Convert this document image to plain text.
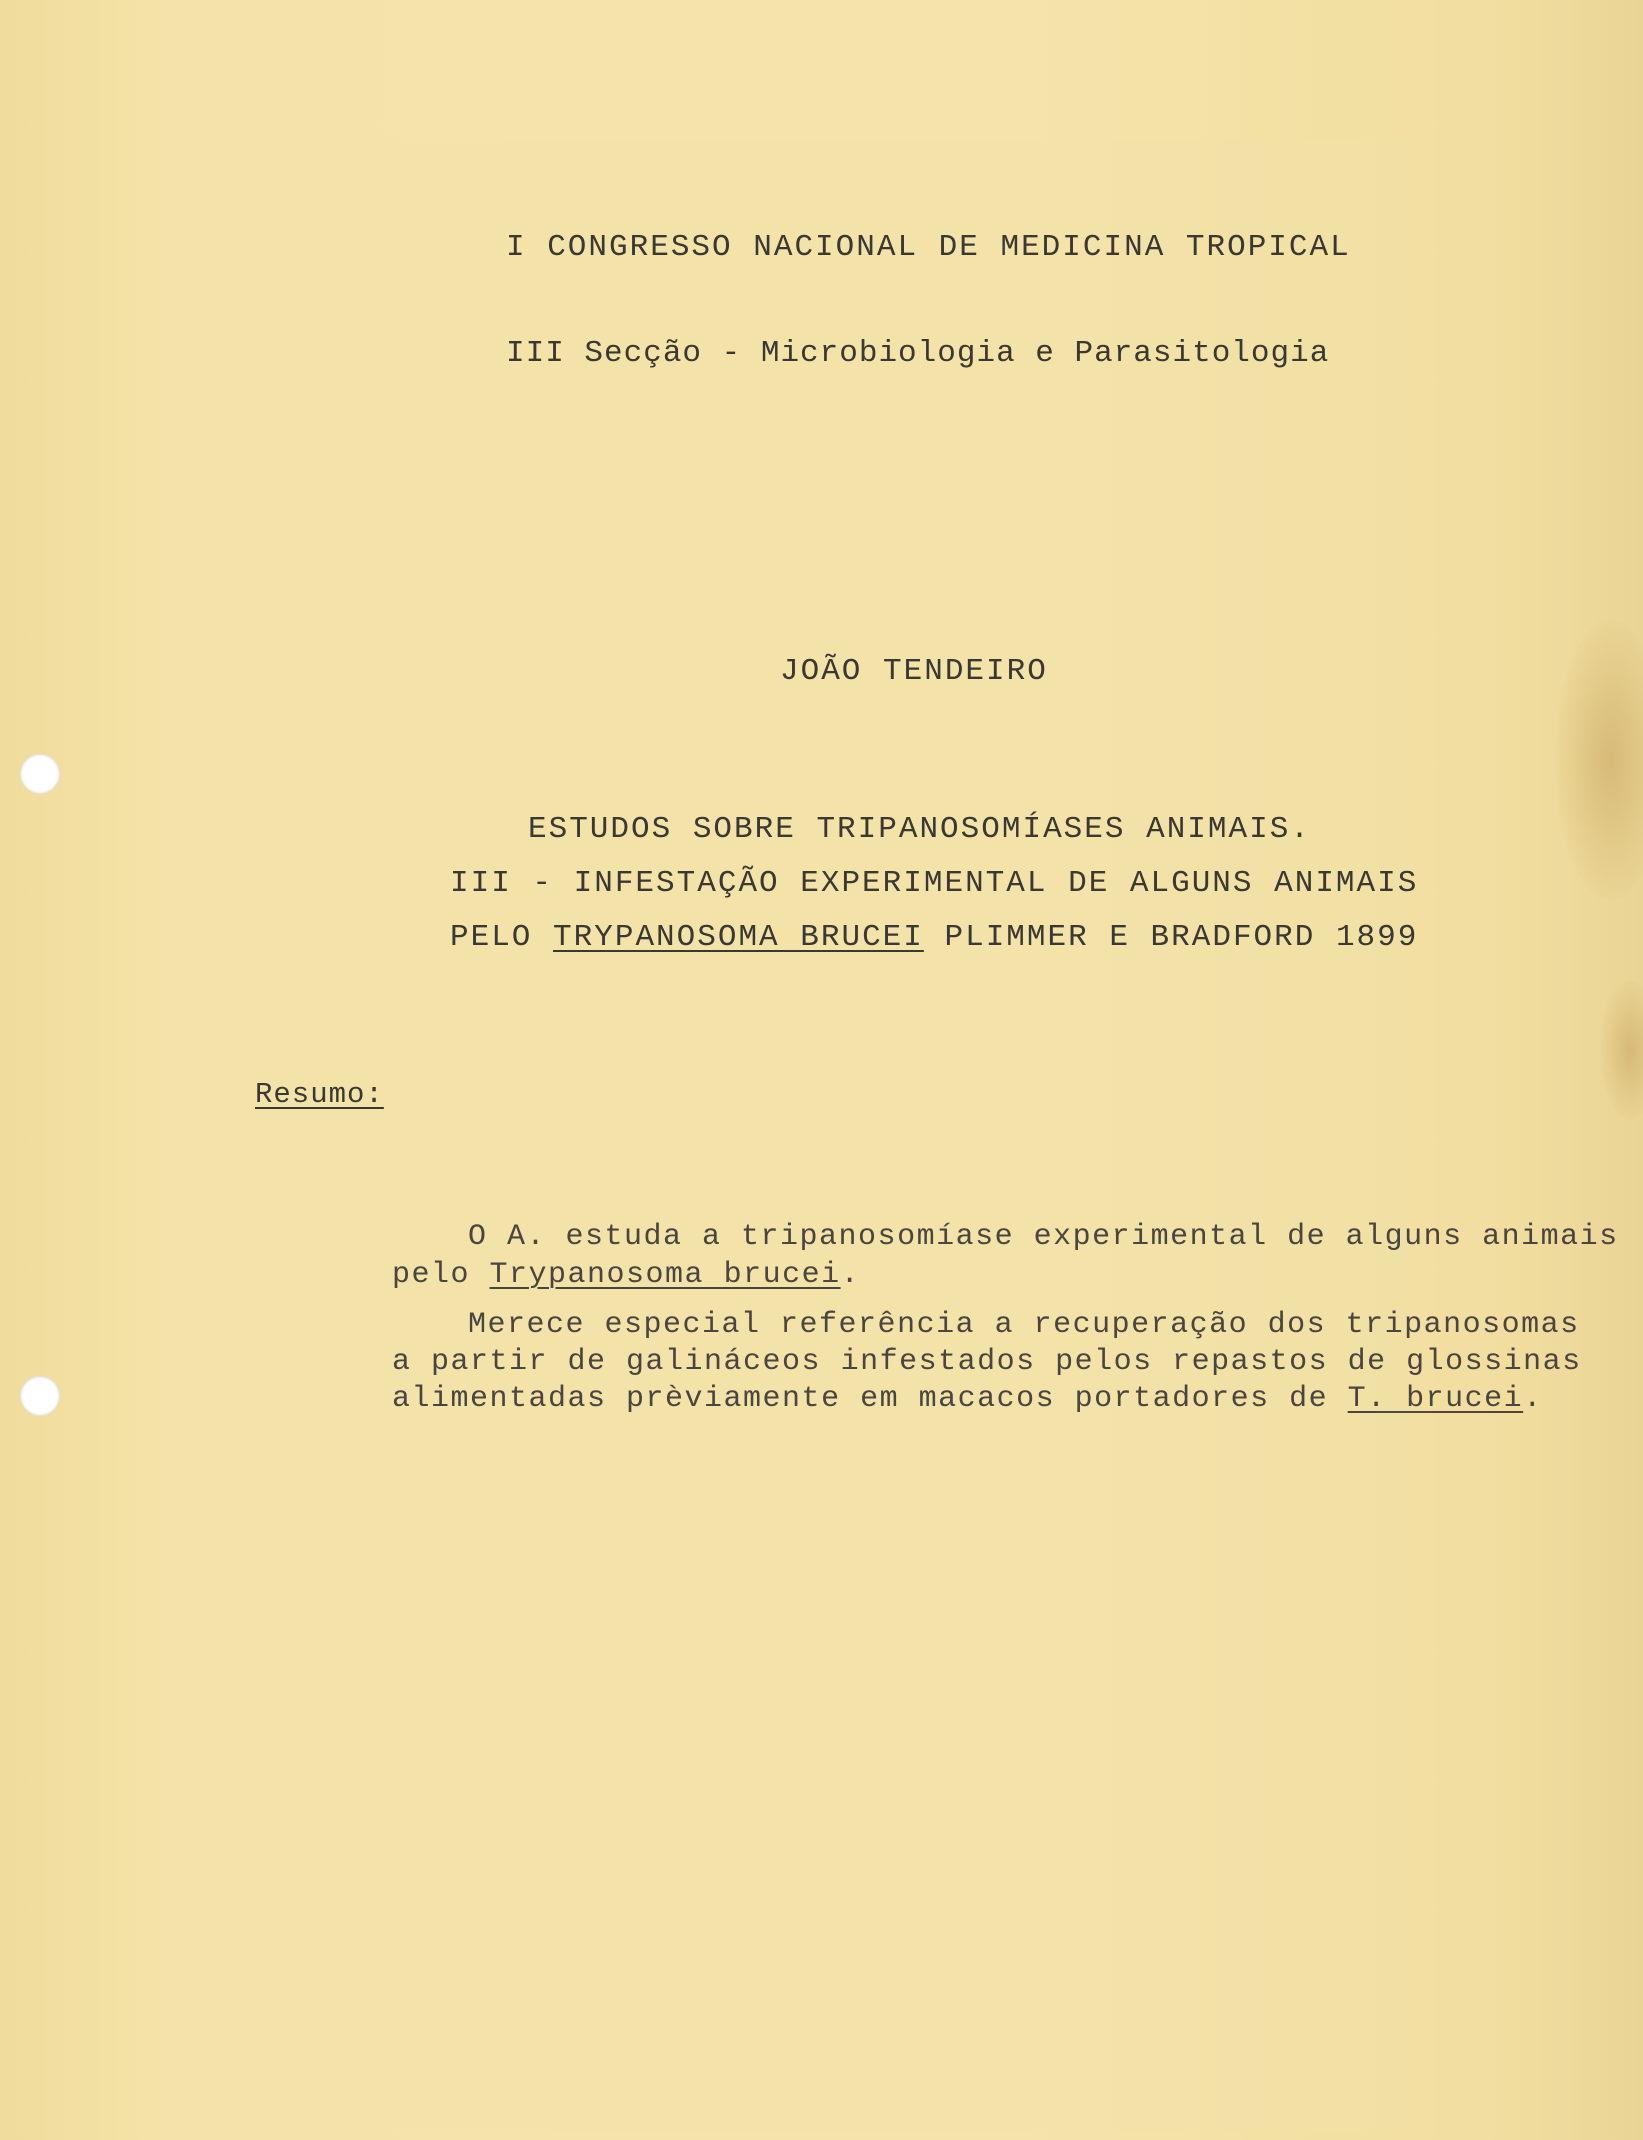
I CONGRESSO NACIONAL DE MEDICINA TROPICAL
III Secção - Microbiologia e Parasitologia
JOÃO TENDEIRO
ESTUDOS SOBRE TRIPANOSOMÍASES ANIMAIS.
III - INFESTAÇÃO EXPERIMENTAL DE ALGUNS ANIMAIS
PELO TRYPANOSOMA BRUCEI PLIMMER E BRADFORD 1899
Resumo:
O A. estuda a tripanosomíase experimental de alguns animais
pelo Trypanosoma brucei.
Merece especial referência a recuperação dos tripanosomas
a partir de galináceos infestados pelos repastos de glossinas
alimentadas prèviamente em macacos portadores de T. brucei.
